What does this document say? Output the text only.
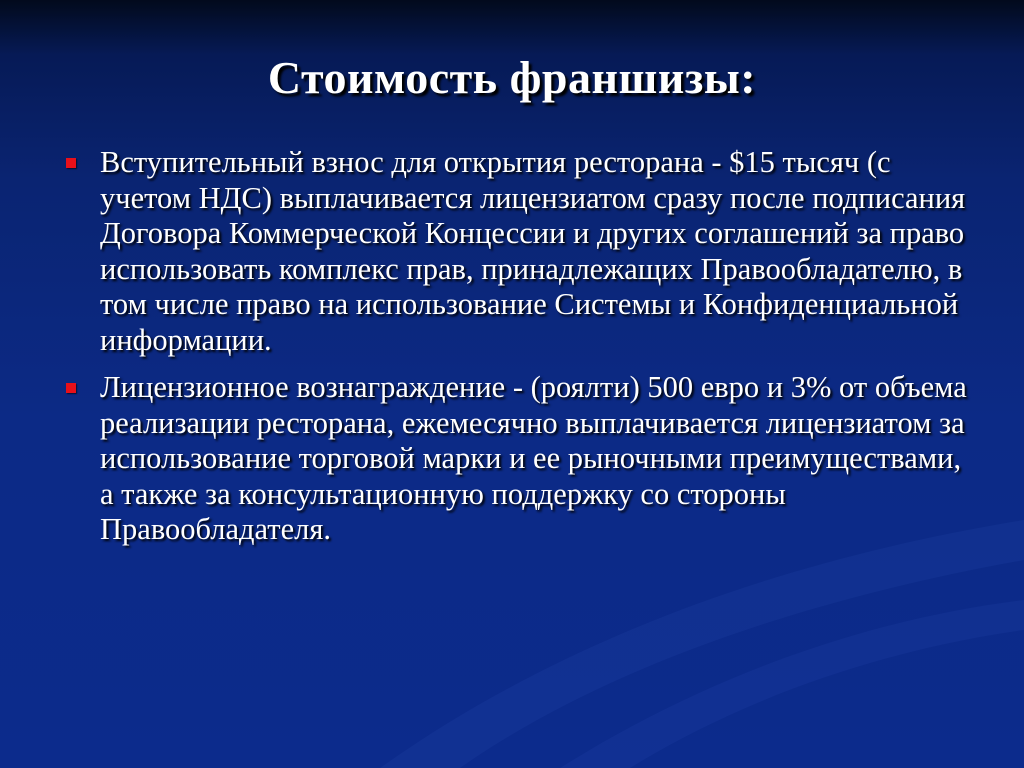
Стоимость франшизы:
Вступительный взнос для открытия ресторана - $15 тысяч (с учетом НДС) выплачивается лицензиатом сразу после подписания Договора Коммерческой Концессии и других соглашений за право использовать комплекс прав, принадлежащих Правообладателю, в том числе право на использование Системы и Конфиденциальной информации.
Лицензионное вознаграждение - (роялти) 500 евро и 3% от объема реализации ресторана, ежемесячно выплачивается лицензиатом за использование торговой марки и ее рыночными преимуществами, а также за консультационную поддержку со стороны Правообладателя.
